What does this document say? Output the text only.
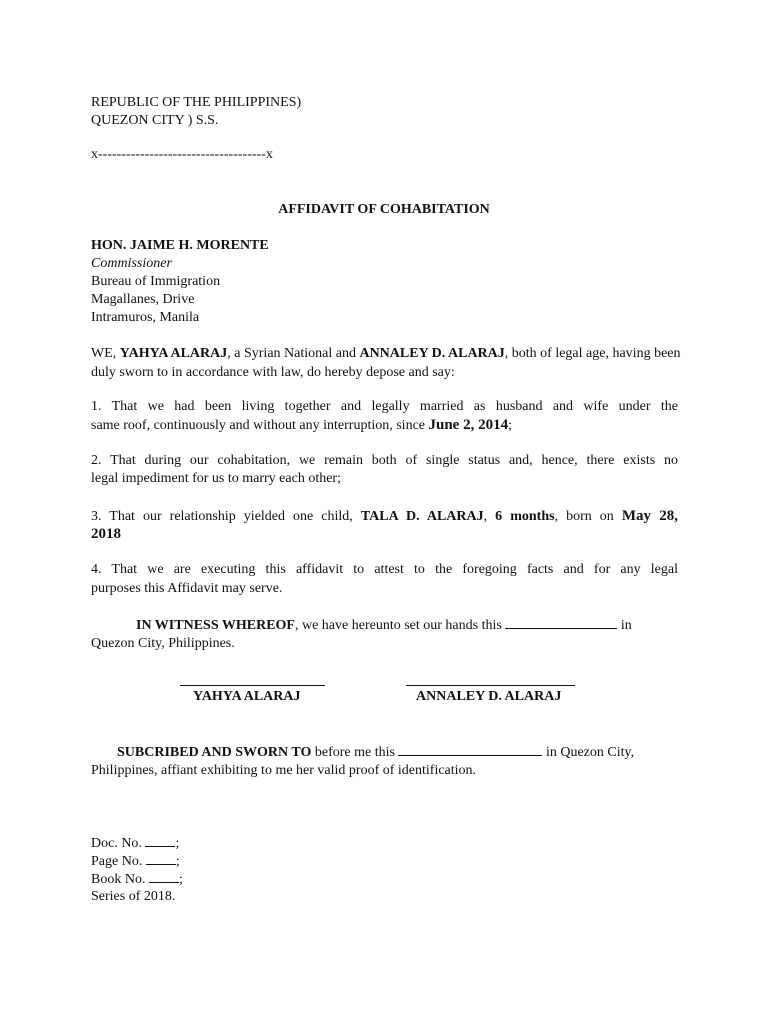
REPUBLIC OF THE PHILIPPINES)
QUEZON CITY ) S.S.
x------------------------------------x
AFFIDAVIT OF COHABITATION
HON. JAIME H. MORENTE
Commissioner
Bureau of Immigration
Magallanes, Drive
Intramuros, Manila
WE, YAHYA ALARAJ, a Syrian National and ANNALEY D. ALARAJ, both of legal age, having been
duly sworn to in accordance with law, do hereby depose and say:
1. That we had been living together and legally married as husband and wife under the
same roof, continuously and without any interruption, since June 2, 2014;
2. That during our cohabitation, we remain both of single status and, hence, there exists no
legal impediment for us to marry each other;
3. That our relationship yielded one child, TALA D. ALARAJ, 6 months, born on May 28,
2018
4. That we are executing this affidavit to attest to the foregoing facts and for any legal
purposes this Affidavit may serve.
IN WITNESS WHEREOF, we have hereunto set our hands this	in
Quezon City, Philippines.
YAHYA ALARAJ	ANNALEY D. ALARAJ
SUBCRIBED AND SWORN TO before me this	in Quezon City,
Philippines, affiant exhibiting to me her valid proof of identification.
Doc. No. ;
Page No. ;
Book No. ;
Series of 2018.
